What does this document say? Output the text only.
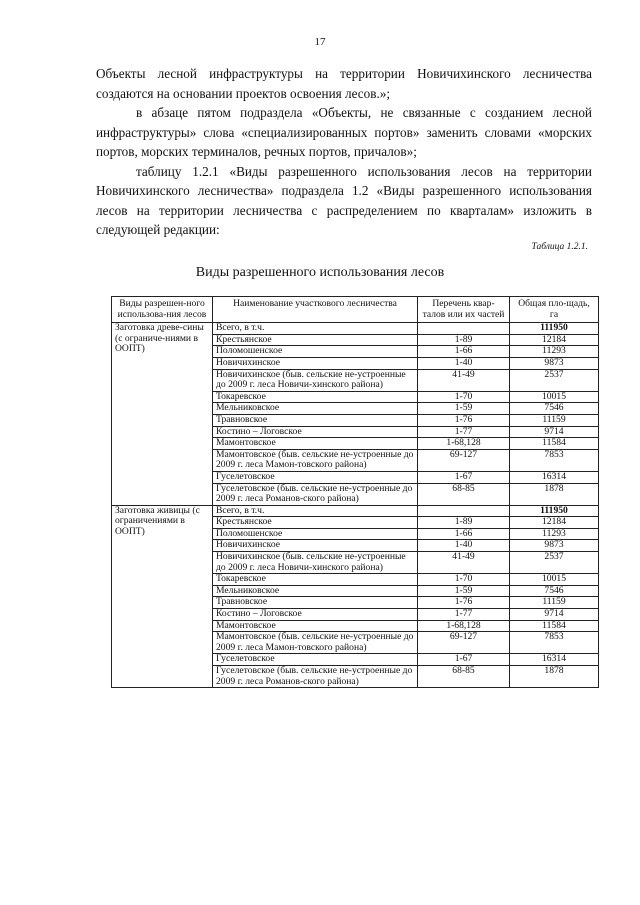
17

Объекты лесной инфраструктуры на территории Новичихинского лесничества создаются на основании проектов освоения лесов.»;

в абзаце пятом подраздела «Объекты, не связанные с созданием лесной инфраструктуры» слова «специализированных портов» заменить словами «морских портов, морских терминалов, речных портов, причалов»;

таблицу 1.2.1 «Виды разрешенного использования лесов на территории Новичихинского лесничества» подраздела 1.2 «Виды разрешенного использования лесов на территории лесничества с распределением по кварталам» изложить в следующей редакции:

Таблица 1.2.1.
Виды разрешенного использования лесов
Виды разрешен-ного использова-ния лесов	Наименование участкового лесничества	Перечень квар-талов или их частей	Общая пло-щадь, га
Заготовка древе-сины (с ограниче-ниями в ООПТ)	Всего, в т.ч.		111950
	Крестьянское	1-89	12184
	Поломошенское	1-66	11293
	Новичихинское	1-40	9873
	Новичихинское (быв. сельские не-устроенные до 2009 г. леса Новичи-хинского района)	41-49	2537
	Токаревское	1-70	10015
	Мельниковское	1-59	7546
	Травновское	1-76	11159
	Костино – Логовское	1-77	9714
	Мамонтовское	1-68,128	11584
	Мамонтовское (быв. сельские не-устроенные до 2009 г. леса Мамон-товского района)	69-127	7853
	Гуселетовское	1-67	16314
	Гуселетовское (быв. сельские не-устроенные до 2009 г. леса Романов-ского района)	68-85	1878
Заготовка живицы (с ограничениями в ООПТ)	Всего, в т.ч.		111950
	Крестьянское	1-89	12184
	Поломошенское	1-66	11293
	Новичихинское	1-40	9873
	Новичихинское (быв. сельские не-устроенные до 2009 г. леса Новичи-хинского района)	41-49	2537
	Токаревское	1-70	10015
	Мельниковское	1-59	7546
	Травновское	1-76	11159
	Костино – Логовское	1-77	9714
	Мамонтовское	1-68,128	11584
	Мамонтовское (быв. сельские не-устроенные до 2009 г. леса Мамон-товского района)	69-127	7853
	Гуселетовское	1-67	16314
	Гуселетовское (быв. сельские не-устроенные до 2009 г. леса Романов-ского района)	68-85	1878
